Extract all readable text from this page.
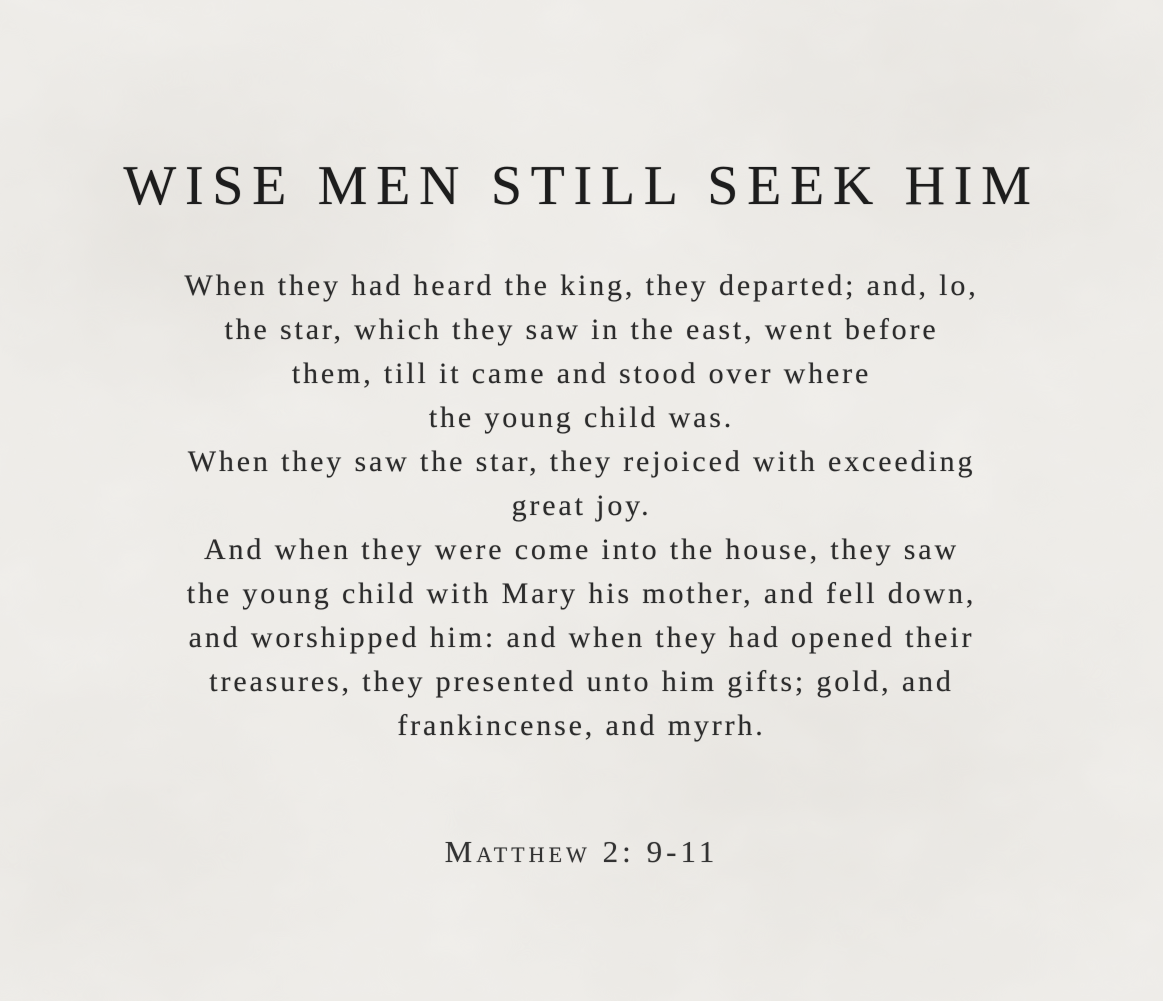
WISE MEN STILL SEEK HIM
When they had heard the king, they departed; and, lo,
the star, which they saw in the east, went before
them, till it came and stood over where
the young child was.
When they saw the star, they rejoiced with exceeding
great joy.
And when they were come into the house, they saw
the young child with Mary his mother, and fell down,
and worshipped him: and when they had opened their
treasures, they presented unto him gifts; gold, and
frankincense, and myrrh.
Matthew 2: 9-11
